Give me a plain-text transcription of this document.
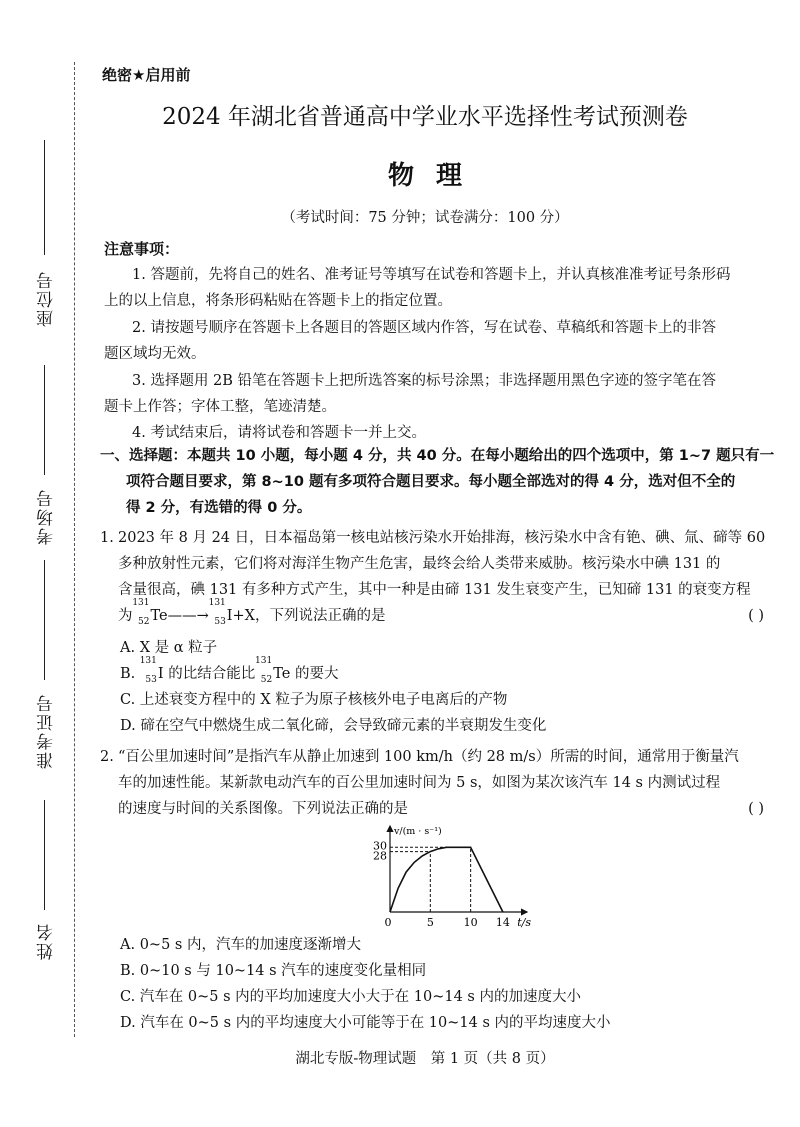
座位号
考场号
准考证号
姓名
绝密★启用前
2024 年湖北省普通高中学业水平选择性考试预测卷
物理
（考试时间：75 分钟；试卷满分：100 分）
注意事项：
1. 答题前，先将自己的姓名、准考证号等填写在试卷和答题卡上，并认真核准准考证号条形码
上的以上信息，将条形码粘贴在答题卡上的指定位置。
2. 请按题号顺序在答题卡上各题目的答题区域内作答，写在试卷、草稿纸和答题卡上的非答
题区域均无效。
3. 选择题用 2B 铅笔在答题卡上把所选答案的标号涂黑；非选择题用黑色字迹的签字笔在答
题卡上作答；字体工整，笔迹清楚。
4. 考试结束后，请将试卷和答题卡一并上交。
一、选择题：本题共 10 小题，每小题 4 分，共 40 分。在每小题给出的四个选项中，第 1~7 题只有一
项符合题目要求，第 8~10 题有多项符合题目要求。每小题全部选对的得 4 分，选对但不全的
得 2 分，有选错的得 0 分。
1. 2023 年 8 月 24 日，日本福岛第一核电站核污染水开始排海，核污染水中含有铯、碘、氚、碲等 60
多种放射性元素，它们将对海洋生物产生危害，最终会给人类带来威胁。核污染水中碘 131 的
含量很高，碘 131 有多种方式产生，其中一种是由碲 131 发生衰变产生，已知碲 131 的衰变方程
为
131
52 Te——→
131
53 I+X，下列说法正确的是	( )
A. X 是 α 粒子
B.
131
53 I 的比结合能比
131
52 Te 的要大
C. 上述衰变方程中的 X 粒子为原子核核外电子电离后的产物
D. 碲在空气中燃烧生成二氧化碲，会导致碲元素的半衰期发生变化
2. “百公里加速时间”是指汽车从静止加速到 100 km/h（约 28 m/s）所需的时间，通常用于衡量汽
车的加速性能。某新款电动汽车的百公里加速时间为 5 s，如图为某次该汽车 14 s 内测试过程
的速度与时间的关系图像。下列说法正确的是	( )
0	5	10 14
28
30
t/s
v/(m · s⁻¹)
A. 0~5 s 内，汽车的加速度逐渐增大
B. 0~10 s 与 10~14 s 汽车的速度变化量相同
C. 汽车在 0~5 s 内的平均加速度大小大于在 10~14 s 内的加速度大小
D. 汽车在 0~5 s 内的平均速度大小可能等于在 10~14 s 内的平均速度大小
湖北专版-物理试题　第 1 页（共 8 页）
